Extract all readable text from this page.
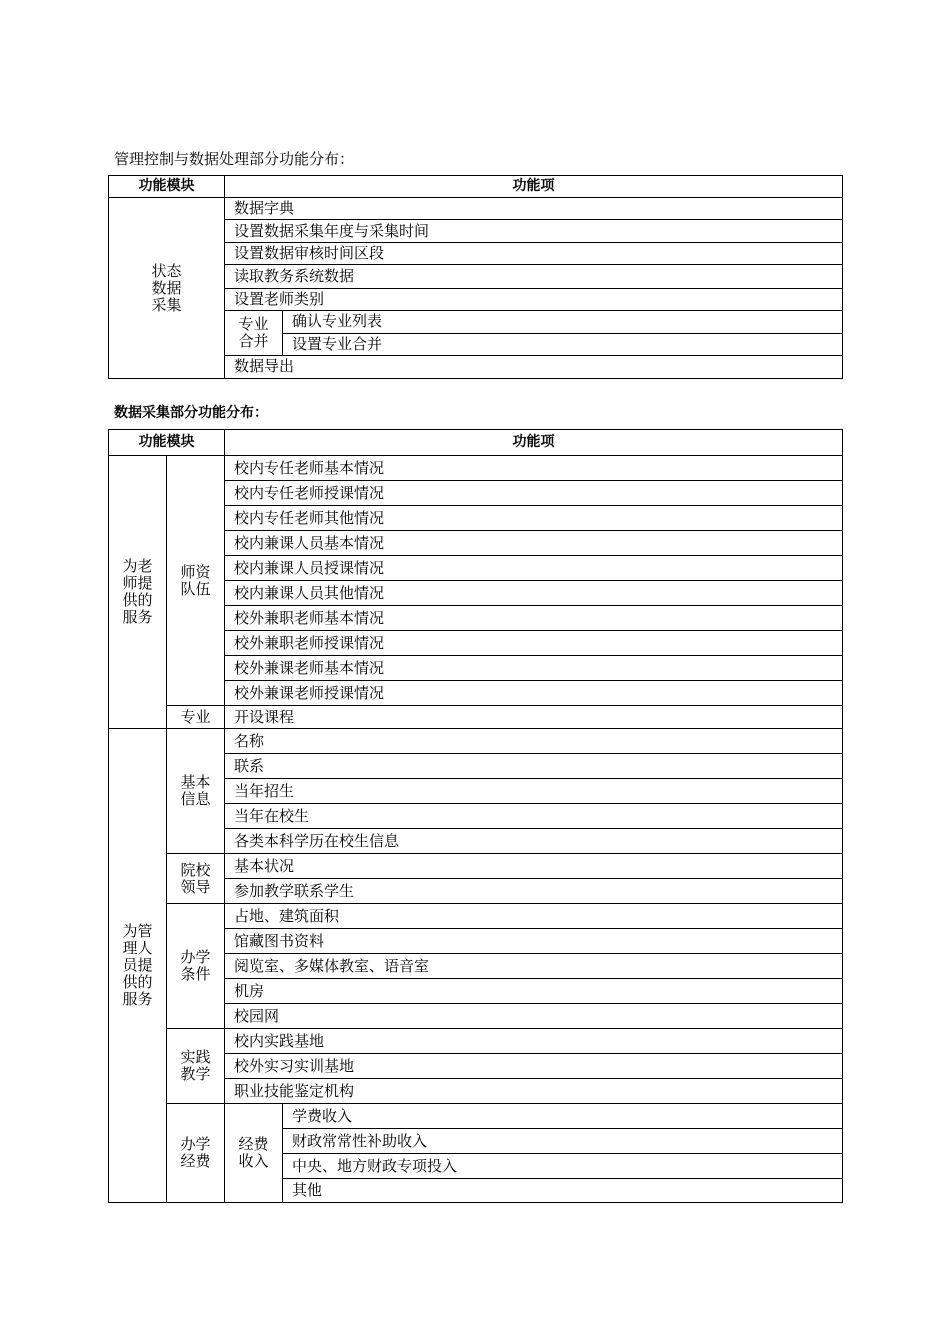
管理控制与数据处理部分功能分布：
功能模块	功能项	
状态数据采集	数据字典	
	设置数据采集年度与采集时间	
	设置数据审核时间区段	
	读取教务系统数据	
	设置老师类别	
	专业合并	确认专业列表
		设置专业合并
	数据导出	
数据采集部分功能分布：
功能模块		功能项	
为老师提供的服务	师资队伍	校内专任老师基本情况	
		校内专任老师授课情况	
		校内专任老师其他情况	
		校内兼课人员基本情况	
		校内兼课人员授课情况	
		校内兼课人员其他情况	
		校外兼职老师基本情况	
		校外兼职老师授课情况	
		校外兼课老师基本情况	
		校外兼课老师授课情况	
	专业	开设课程	
为管理人员提供的服务	基本信息	名称	
		联系	
		当年招生	
		当年在校生	
		各类本科学历在校生信息	
	院校领导	基本状况	
		参加教学联系学生	
	办学条件	占地、建筑面积	
		馆藏图书资料	
		阅览室、多媒体教室、语音室	
		机房	
		校园网	
	实践教学	校内实践基地	
		校外实习实训基地	
		职业技能鉴定机构	
	办学经费	经费收入	学费收入
			财政常常性补助收入
			中央、地方财政专项投入
			其他
